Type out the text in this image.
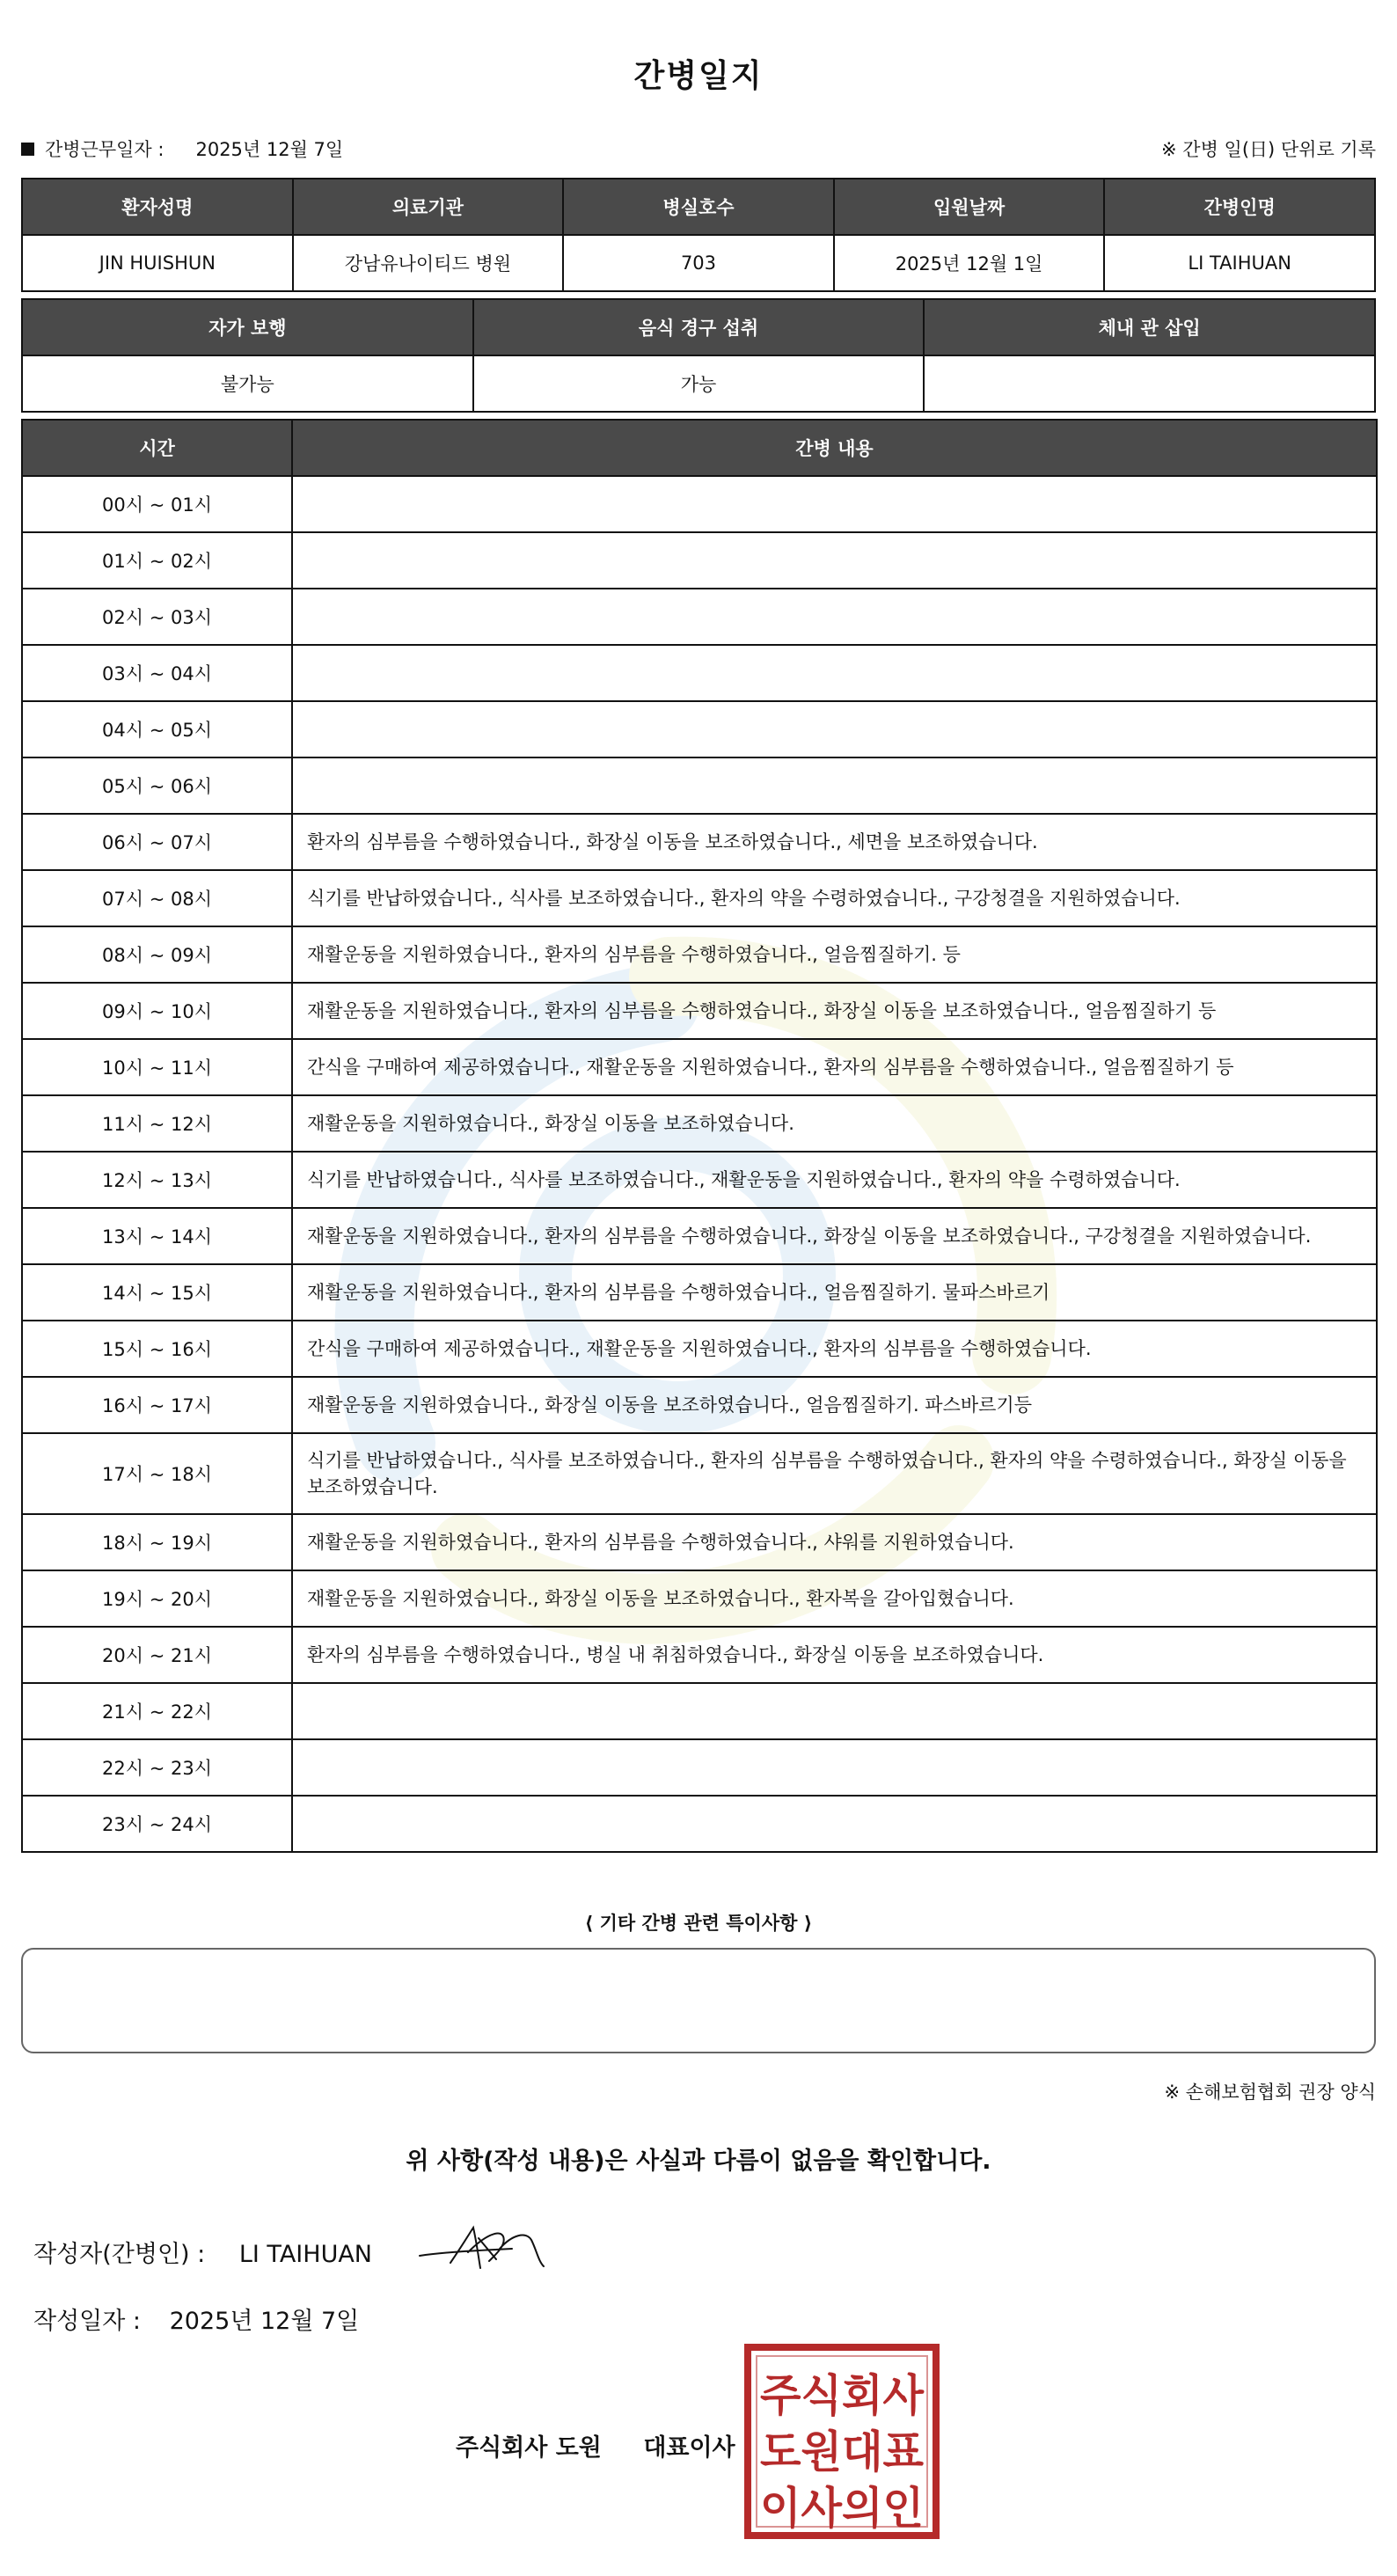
간병일지
간병근무일자 : 2025년 12월 7일	※ 간병 일(日) 단위로 기록
환자성명	의료기관	병실호수	입원날짜	간병인명
JIN HUISHUN	강남유나이티드 병원	703	2025년 12월 1일	LI TAIHUAN
자가 보행	음식 경구 섭취	체내 관 삽입
불가능	가능	
시간	간병 내용
00시 ~ 01시	
01시 ~ 02시	
02시 ~ 03시	
03시 ~ 04시	
04시 ~ 05시	
05시 ~ 06시	
06시 ~ 07시	환자의 심부름을 수행하였습니다., 화장실 이동을 보조하였습니다., 세면을 보조하였습니다.
07시 ~ 08시	식기를 반납하였습니다., 식사를 보조하였습니다., 환자의 약을 수령하였습니다., 구강청결을 지원하였습니다.
08시 ~ 09시	재활운동을 지원하였습니다., 환자의 심부름을 수행하였습니다., 얼음찜질하기. 등
09시 ~ 10시	재활운동을 지원하였습니다., 환자의 심부름을 수행하였습니다., 화장실 이동을 보조하였습니다., 얼음찜질하기 등
10시 ~ 11시	간식을 구매하여 제공하였습니다., 재활운동을 지원하였습니다., 환자의 심부름을 수행하였습니다., 얼음찜질하기 등
11시 ~ 12시	재활운동을 지원하였습니다., 화장실 이동을 보조하였습니다.
12시 ~ 13시	식기를 반납하였습니다., 식사를 보조하였습니다., 재활운동을 지원하였습니다., 환자의 약을 수령하였습니다.
13시 ~ 14시	재활운동을 지원하였습니다., 환자의 심부름을 수행하였습니다., 화장실 이동을 보조하였습니다., 구강청결을 지원하였습니다.
14시 ~ 15시	재활운동을 지원하였습니다., 환자의 심부름을 수행하였습니다., 얼음찜질하기. 물파스바르기
15시 ~ 16시	간식을 구매하여 제공하였습니다., 재활운동을 지원하였습니다., 환자의 심부름을 수행하였습니다.
16시 ~ 17시	재활운동을 지원하였습니다., 화장실 이동을 보조하였습니다., 얼음찜질하기. 파스바르기등
17시 ~ 18시	식기를 반납하였습니다., 식사를 보조하였습니다., 환자의 심부름을 수행하였습니다., 환자의 약을 수령하였습니다., 화장실 이동을 보조하였습니다.
18시 ~ 19시	재활운동을 지원하였습니다., 환자의 심부름을 수행하였습니다., 샤워를 지원하였습니다.
19시 ~ 20시	재활운동을 지원하였습니다., 화장실 이동을 보조하였습니다., 환자복을 갈아입혔습니다.
20시 ~ 21시	환자의 심부름을 수행하였습니다., 병실 내 취침하였습니다., 화장실 이동을 보조하였습니다.
21시 ~ 22시	
22시 ~ 23시	
23시 ~ 24시	
⟨ 기타 간병 관련 특이사항 ⟩
※ 손해보험협회 권장 양식
위 사항(작성 내용)은 사실과 다름이 없음을 확인합니다.
작성자(간병인) : LI TAIHUAN
작성일자 : 2025년 12월 7일
주식회사 도원 대표이사
주식회사
도원대표
이사의인
